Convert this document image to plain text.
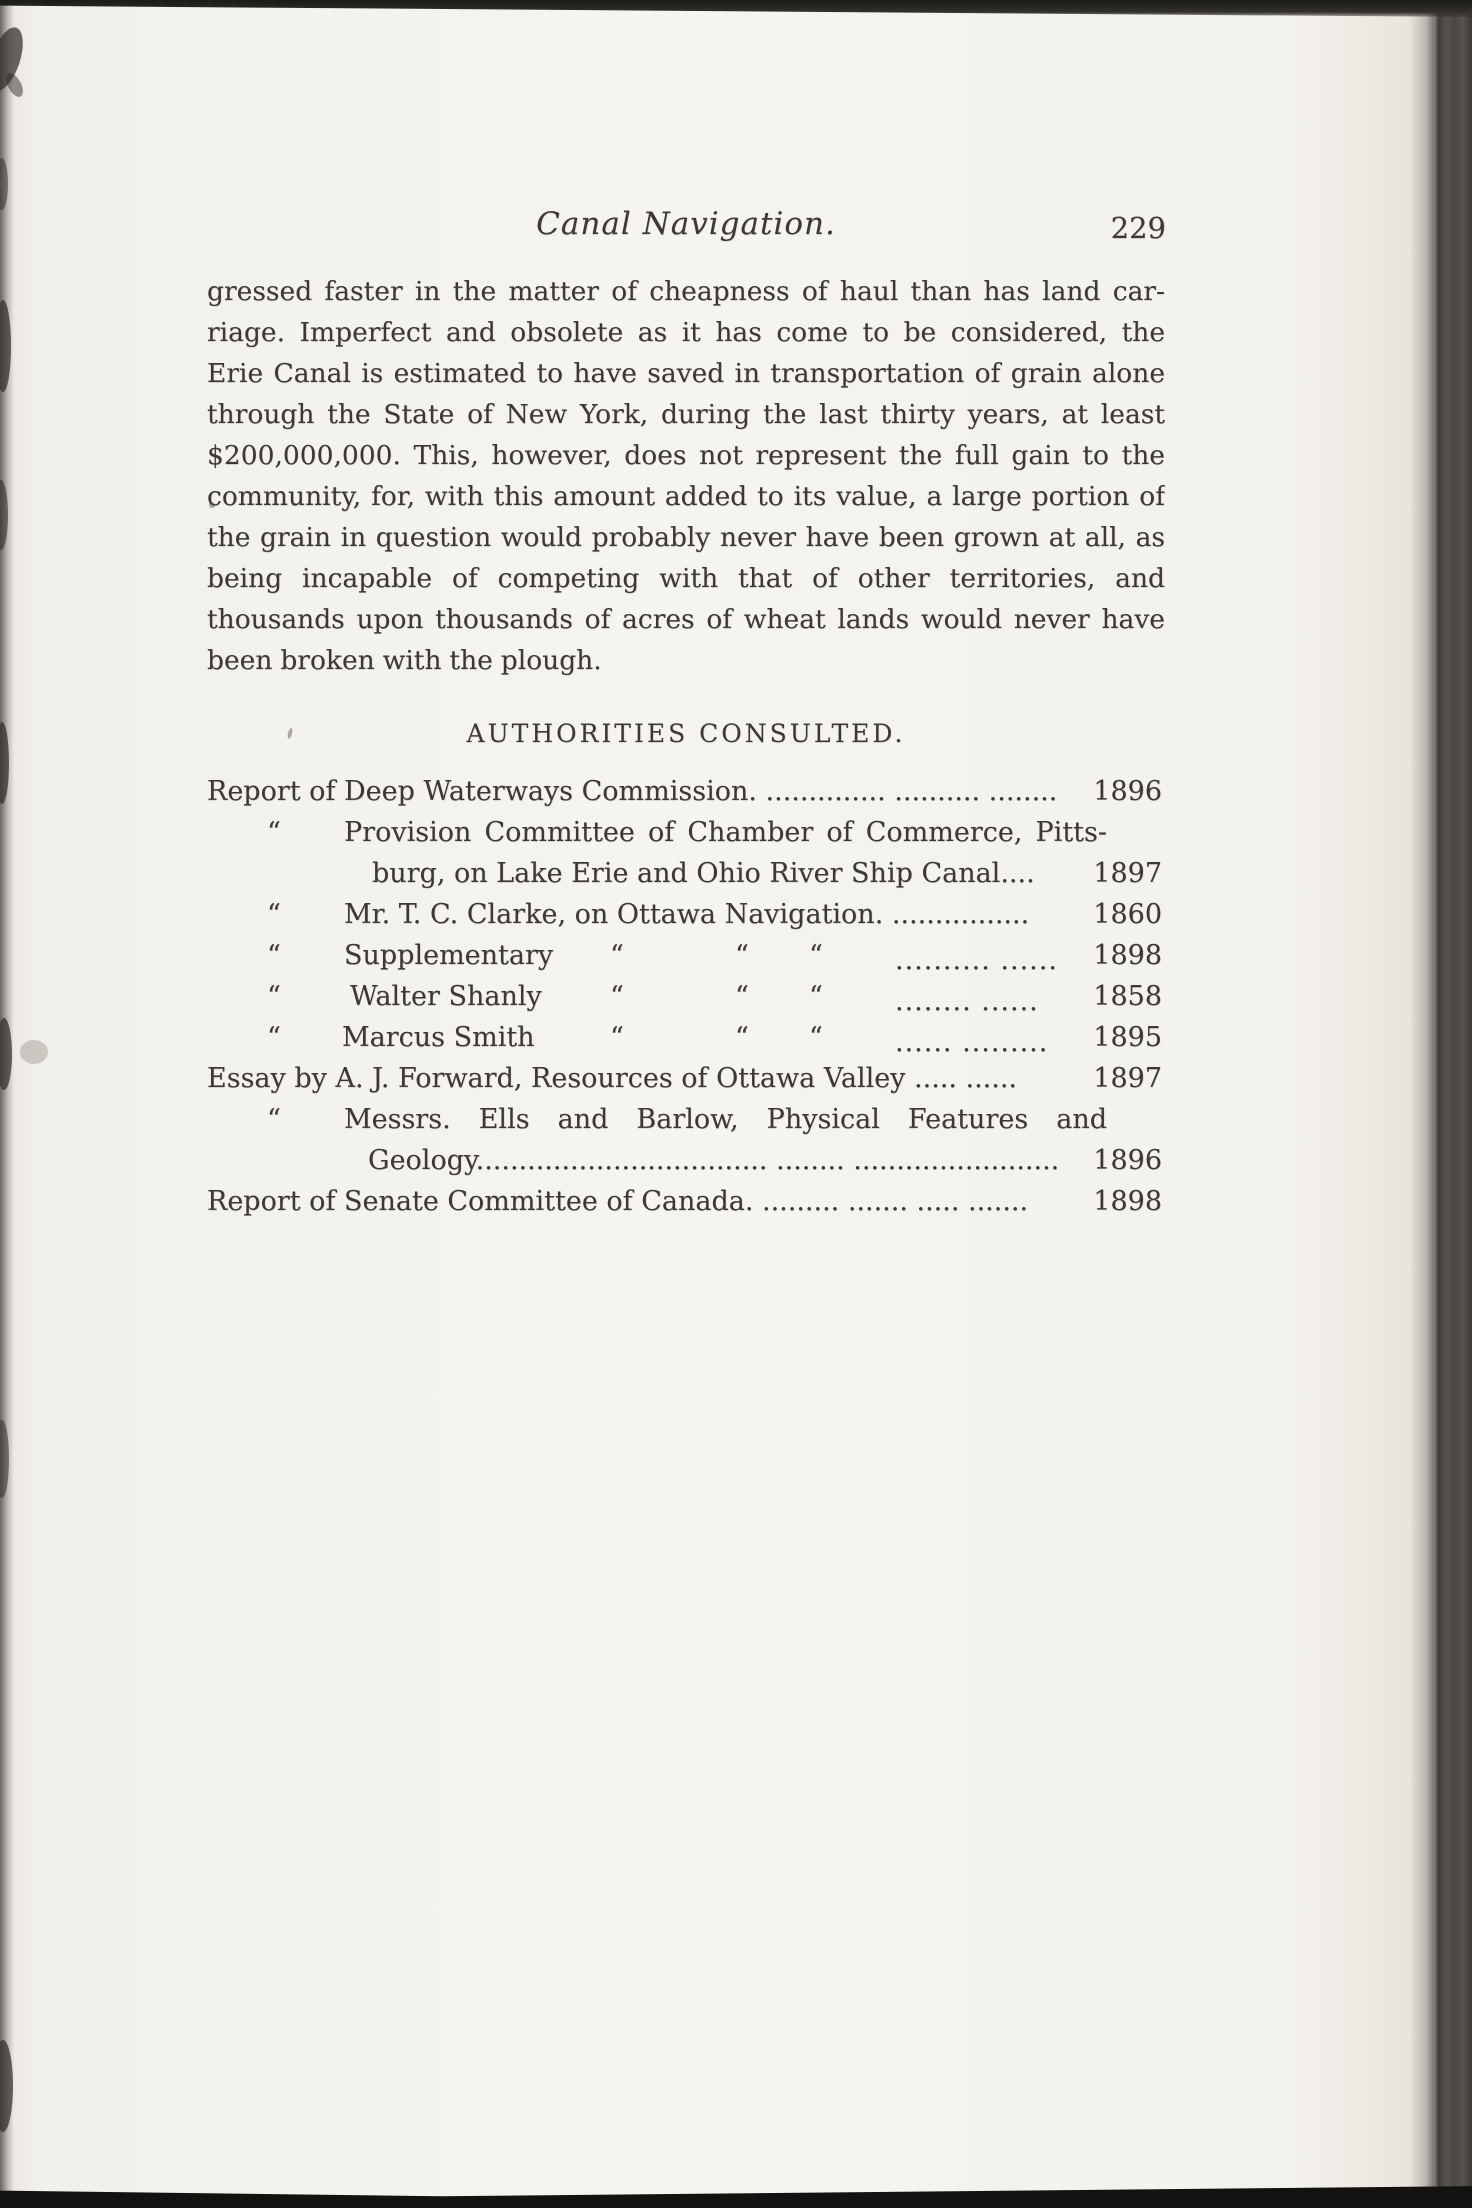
Canal Navigation.	229
gressed faster in the matter of cheapness of haul than has land car-
riage. Imperfect and obsolete as it has come to be considered, the
Erie Canal is estimated to have saved in transportation of grain alone
through the State of New York, during the last thirty years, at least
$200,000,000. This, however, does not represent the full gain to the
community, for, with this amount added to its value, a large portion of
the grain in question would probably never have been grown at all, as
being incapable of competing with that of other territories, and
thousands upon thousands of acres of wheat lands would never have
been broken with the plough.
AUTHORITIES CONSULTED.
Report of Deep Waterways Commission. .............. .......... ........ 1896
“ Provision Committee of Chamber of Commerce, Pitts-
burg, on Lake Erie and Ohio River Ship Canal.... 1897
“ Mr. T. C. Clarke, on Ottawa Navigation. ................ 1860
“ Supplementary “	“ “	.......... ...... 1898
“	Walter Shanly	“	“ “	........ ...... 1858
“ Marcus Smith	“	“ “	...... ......... 1895
Essay by A. J. Forward, Resources of Ottawa Valley ..... ......	1897
“ Messrs. Ells and Barlow, Physical Features and
Geology.................................. ........ ........................ 1896
Report of Senate Committee of Canada. ......... ....... ..... ....... 1898
